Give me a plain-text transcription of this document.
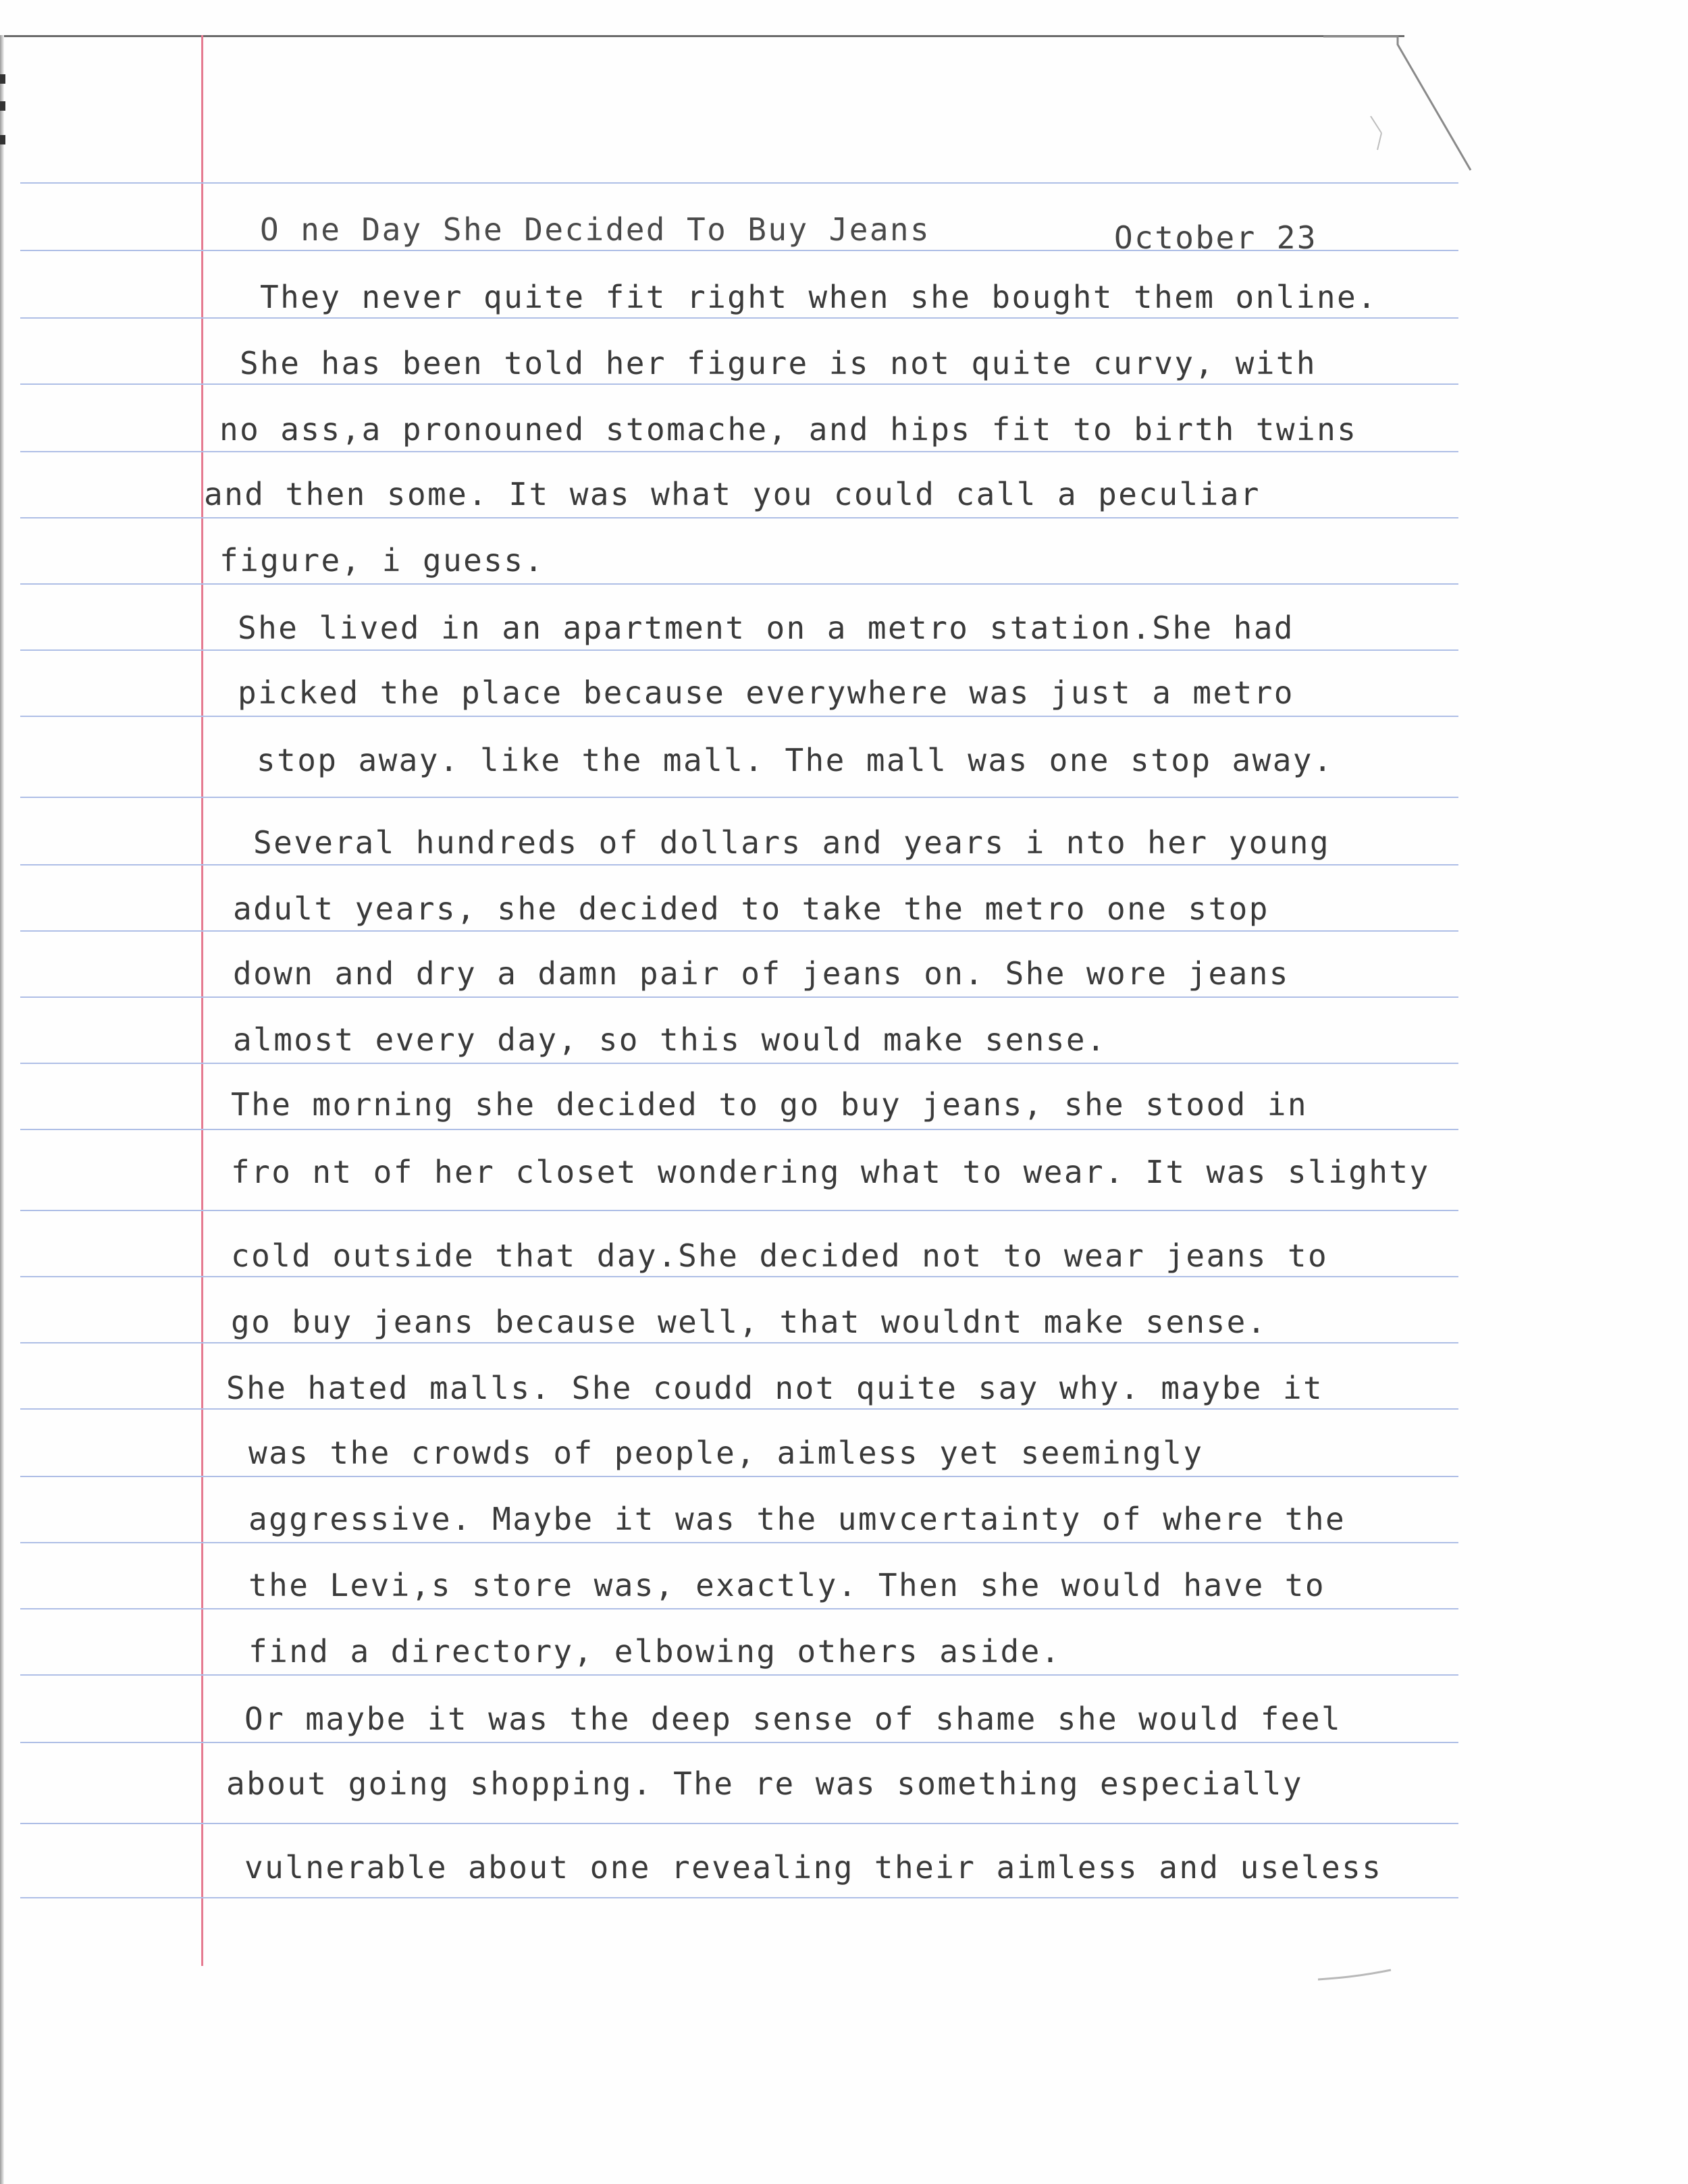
O ne Day She Decided To Buy Jeans	October 23
They never quite fit right when she bought them online.
She has been told her figure is not quite curvy, with
no ass,a pronouned stomache, and hips fit to birth twins
and then some. It was what you could call a peculiar
figure, i guess.
She lived in an apartment on a metro station.She had
picked the place because everywhere was just a metro
stop away. like the mall. The mall was one stop away.
Several hundreds of dollars and years i nto her young
adult years, she decided to take the metro one stop
down and dry a damn pair of jeans on. She wore jeans
almost every day, so this would make sense.
The morning she decided to go buy jeans, she stood in
fro nt of her closet wondering what to wear. It was slighty
cold outside that day.She decided not to wear jeans to
go buy jeans because well, that wouldnt make sense.
She hated malls. She coudd not quite say why. maybe it
was the crowds of people, aimless yet seemingly
aggressive. Maybe it was the umvcertainty of where the
the Levi,s store was, exactly. Then she would have to
find a directory, elbowing others aside.
Or maybe it was the deep sense of shame she would feel
about going shopping. The re was something especially
vulnerable about one revealing their aimless and useless
